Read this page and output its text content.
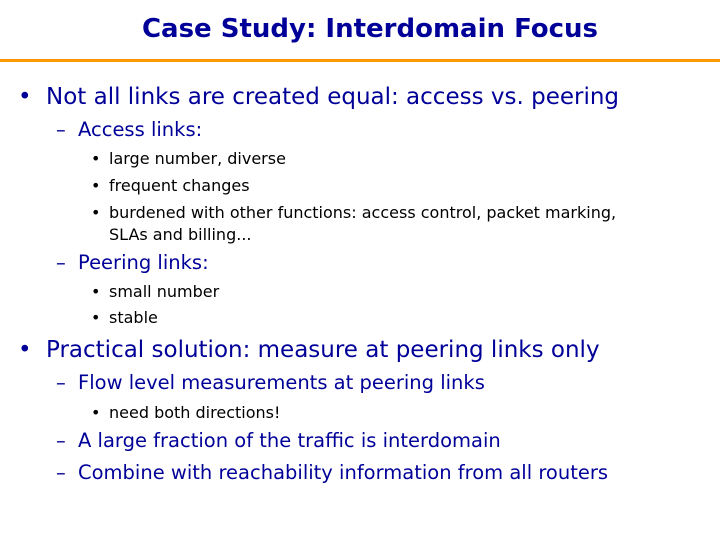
Case Study: Interdomain Focus
• Not all links are created equal: access vs. peering
– Access links:
• large number, diverse
• frequent changes
• burdened with other functions: access control, packet marking,
SLAs and billing...
– Peering links:
• small number
• stable
• Practical solution: measure at peering links only
– Flow level measurements at peering links
• need both directions!
– A large fraction of the traffic is interdomain
– Combine with reachability information from all routers
